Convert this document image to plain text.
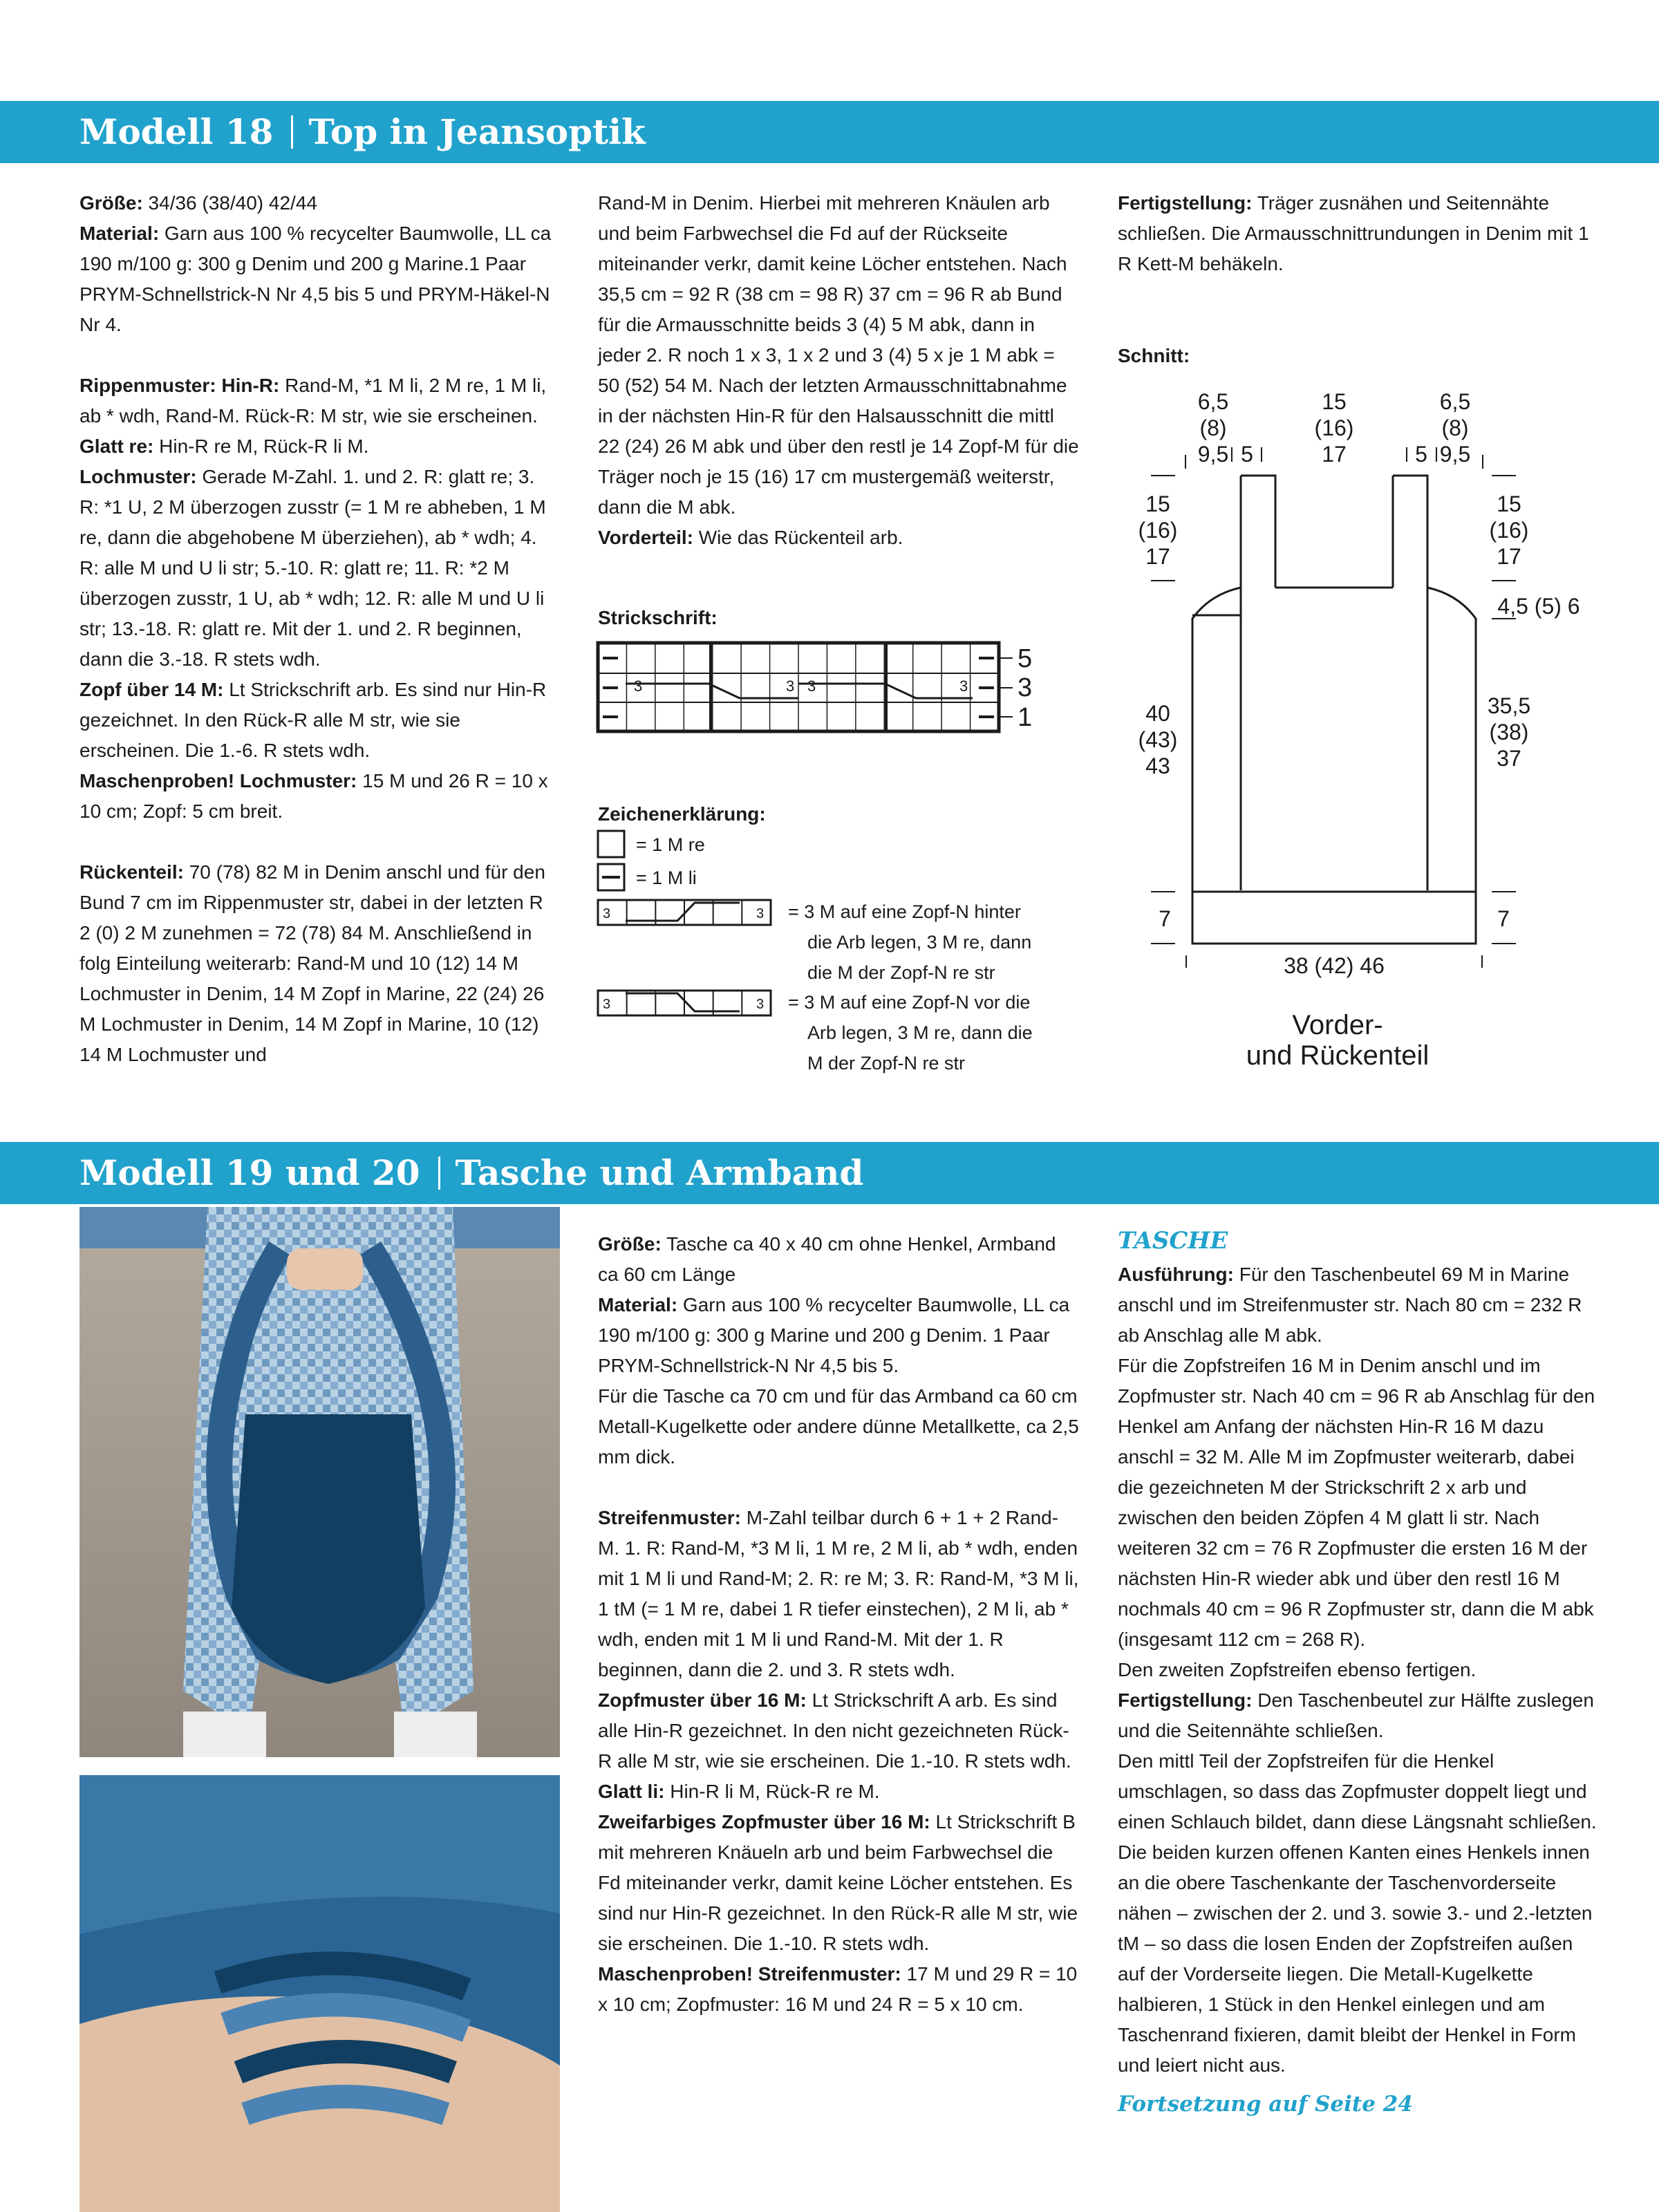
Modell 18 Top in Jeansoptik

Größe: 34/36 (38/40) 42/44

Material: Garn aus 100 % recycelter Baumwolle, LL ca 190 m/100 g: 300 g Denim und 200 g Marine.1 Paar PRYM-Schnellstrick-N Nr 4,5 bis 5 und PRYM-Häkel-N Nr 4.

Rippenmuster: Hin-R: Rand-M, *1 M li, 2 M re, 1 M li, ab * wdh, Rand-M. Rück-R: M str, wie sie erscheinen.

Glatt re: Hin-R re M, Rück-R li M.

Lochmuster: Gerade M-Zahl. 1. und 2. R: glatt re; 3. R: *1 U, 2 M überzogen zusstr (= 1 M re abheben, 1 M re, dann die abgehobene M überziehen), ab * wdh; 4. R: alle M und U li str; 5.-10. R: glatt re; 11. R: *2 M überzogen zusstr, 1 U, ab * wdh; 12. R: alle M und U li str; 13.-18. R: glatt re. Mit der 1. und 2. R beginnen, dann die 3.-18. R stets wdh.

Zopf über 14 M: Lt Strickschrift arb. Es sind nur Hin-R gezeichnet. In den Rück-R alle M str, wie sie erscheinen. Die 1.-6. R stets wdh.

Maschenproben! Lochmuster: 15 M und 26 R = 10 x 10 cm; Zopf: 5 cm breit.

Rückenteil: 70 (78) 82 M in Denim anschl und für den Bund 7 cm im Rippenmuster str, dabei in der letzten R 2 (0) 2 M zunehmen = 72 (78) 84 M. Anschließend in folg Einteilung weiterarb: Rand-M und 10 (12) 14 M Lochmuster in Denim, 14 M Zopf in Marine, 22 (24) 26 M Lochmuster in Denim, 14 M Zopf in Marine, 10 (12) 14 M Lochmuster und

Rand-M in Denim. Hierbei mit mehreren Knäulen arb und beim Farbwechsel die Fd auf der Rückseite miteinander verkr, damit keine Löcher entstehen. Nach 35,5 cm = 92 R (38 cm = 98 R) 37 cm = 96 R ab Bund für die Armausschnitte beids 3 (4) 5 M abk, dann in jeder 2. R noch 1 x 3, 1 x 2 und 3 (4) 5 x je 1 M abk = 50 (52) 54 M. Nach der letzten Armausschnittabnahme in der nächsten Hin-R für den Halsausschnitt die mittl 22 (24) 26 M abk und über den restl je 14 Zopf-M für die Träger noch je 15 (16) 17 cm mustergemäß weiterstr, dann die M abk.

Vorderteil: Wie das Rückenteil arb.

Fertigstellung: Träger zusnähen und Seitennähte schließen. Die Armausschnittrundungen in Denim mit 1 R Kett-M behäkeln.

Strickschrift:
3	3 3	3
5
3
1
Zeichenerklärung:
= 1 M re
= 1 M li
3	3 = 3 M auf eine Zopf-N hinter
die Arb legen, 3 M re, dann
die M der Zopf-N re str
3	3 = 3 M auf eine Zopf-N vor die
Arb legen, 3 M re, dann die
M der Zopf-N re str
Schnitt:
6,5
(8)
15
(16)
17
6,5
(8)
9,5 5	5 9,5
15
(16)
17
15
(16)
17
4,5 (5) 6
40
(43)
43
35,5
(38)
37
7	7
38 (42) 46
Vorder-
und Rückenteil
Modell 19 und 20 Tasche und Armband

Größe: Tasche ca 40 x 40 cm ohne Henkel, Armband ca 60 cm Länge

Material: Garn aus 100 % recycelter Baumwolle, LL ca 190 m/100 g: 300 g Marine und 200 g Denim. 1 Paar PRYM-Schnellstrick-N Nr 4,5 bis 5.

Für die Tasche ca 70 cm und für das Armband ca 60 cm Metall-Kugelkette oder andere dünne Metallkette, ca 2,5 mm dick.

Streifenmuster: M-Zahl teilbar durch 6 + 1 + 2 Rand-M. 1. R: Rand-M, *3 M li, 1 M re, 2 M li, ab * wdh, enden mit 1 M li und Rand-M; 2. R: re M; 3. R: Rand-M, *3 M li, 1 tM (= 1 M re, dabei 1 R tiefer einstechen), 2 M li, ab * wdh, enden mit 1 M li und Rand-M. Mit der 1. R beginnen, dann die 2. und 3. R stets wdh.

Zopfmuster über 16 M: Lt Strickschrift A arb. Es sind alle Hin-R gezeichnet. In den nicht gezeichneten Rück-R alle M str, wie sie erscheinen. Die 1.-10. R stets wdh.

Glatt li: Hin-R li M, Rück-R re M.

Zweifarbiges Zopfmuster über 16 M: Lt Strickschrift B mit mehreren Knäueln arb und beim Farbwechsel die Fd miteinander verkr, damit keine Löcher entstehen. Es sind nur Hin-R gezeichnet. In den Rück-R alle M str, wie sie erscheinen. Die 1.-10. R stets wdh.

Maschenproben! Streifenmuster: 17 M und 29 R = 10 x 10 cm; Zopfmuster: 16 M und 24 R = 5 x 10 cm.

TASCHE

Ausführung: Für den Taschenbeutel 69 M in Marine anschl und im Streifenmuster str. Nach 80 cm = 232 R ab Anschlag alle M abk.

Für die Zopfstreifen 16 M in Denim anschl und im Zopfmuster str. Nach 40 cm = 96 R ab Anschlag für den Henkel am Anfang der nächsten Hin-R 16 M dazu anschl = 32 M. Alle M im Zopfmuster weiterarb, dabei die gezeichneten M der Strickschrift 2 x arb und zwischen den beiden Zöpfen 4 M glatt li str. Nach weiteren 32 cm = 76 R Zopfmuster die ersten 16 M der nächsten Hin-R wieder abk und über den restl 16 M nochmals 40 cm = 96 R Zopfmuster str, dann die M abk (insgesamt 112 cm = 268 R).

Den zweiten Zopfstreifen ebenso fertigen.

Fertigstellung: Den Taschenbeutel zur Hälfte zuslegen und die Seitennähte schließen.

Den mittl Teil der Zopfstreifen für die Henkel umschlagen, so dass das Zopfmuster doppelt liegt und einen Schlauch bildet, dann diese Längsnaht schließen. Die beiden kurzen offenen Kanten eines Henkels innen an die obere Taschenkante der Taschenvorderseite nähen – zwischen der 2. und 3. sowie 3.- und 2.-letzten tM – so dass die losen Enden der Zopfstreifen außen auf der Vorderseite liegen. Die Metall-Kugelkette halbieren, 1 Stück in den Henkel einlegen und am Taschenrand fixieren, damit bleibt der Henkel in Form und leiert nicht aus.

Fortsetzung auf Seite 24
